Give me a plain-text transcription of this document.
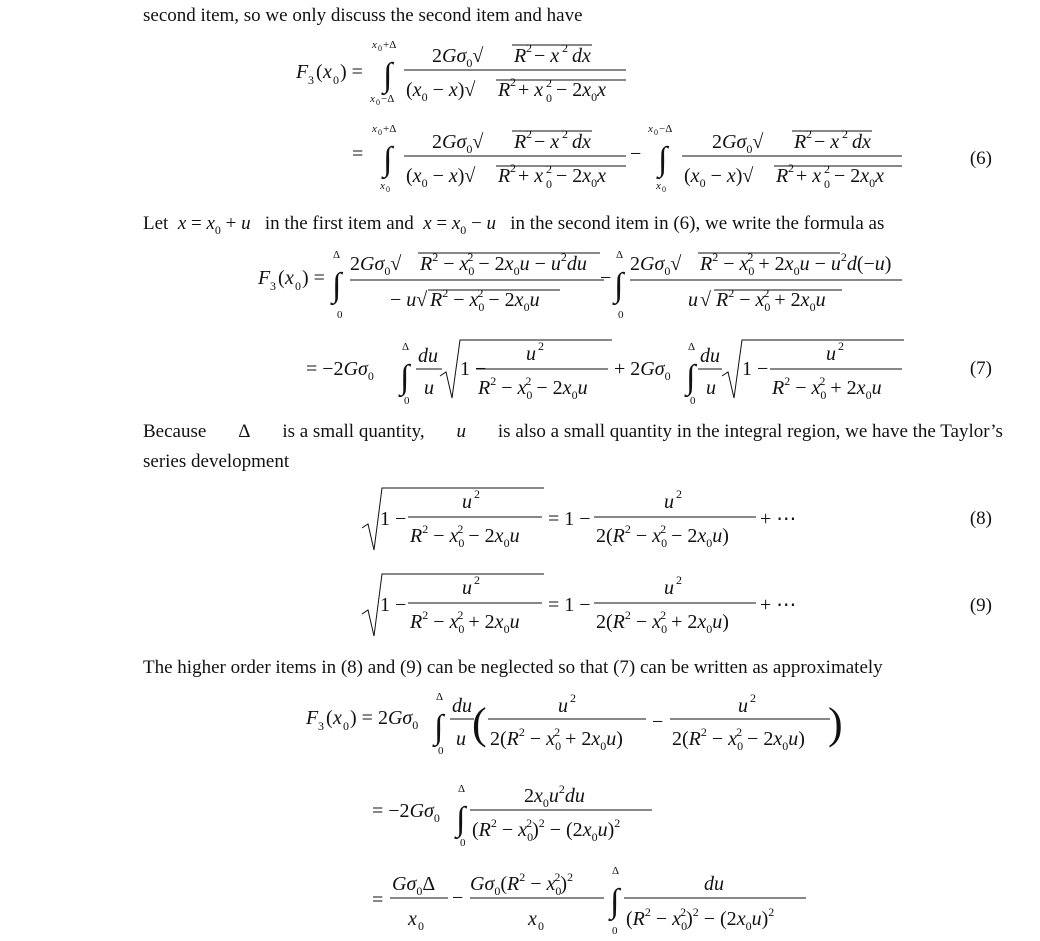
second item, so we only discuss the second item and have
Let  $x = x_0 + u$ in the first item and  $x = x_0 - u$ in the second item in (6), we write the formula as
Because Δ is a small quantity, u is also a small quantity in the integral region, we have the Taylor’s
series development
The higher order items in (8) and (9) can be neglected so that (7) can be written as approximately
(6)
(7)
(8)
(9)
F 3 ( x 0 ) =
x 0 +Δ
∫
x 0 −Δ
$2G\sigma_0√$ R 2 − x 2 dx
$(x_0 - x)√$ R 2 + x 0
$2 - 2x_0x$
=
x 0 +Δ
∫
x 0
$2G\sigma_0√$ R 2 − x 2 dx
$(x_0 - x)√$ R 2 + x 0
$2 - 2x_0x$
−
x 0 −Δ
∫
x 0
$2G\sigma_0√$ R 2 − x 2 dx
$(x_0 - x)√$ R 2 + x 0
$2 - 2x_0x$
F 3 ( x 0 ) =
Δ
∫
0
$2G\sigma_0√$ $R^2 - x_02 - 2x_0u - u^2du$
− u√ $R^2 - x_02 - 2x_0u$
−
Δ
∫
0
$2G\sigma_0√$ $R^2 - x_02 + 2x_0u - u^2d(-u)$
u √ $R^2 - x_02 + 2x_0u$
= $-2G\sigma_0$
Δ
∫
0
du
u
1 −
u 2
$R^2 - x_02 - 2x_0u$
+ $2G\sigma_0$
Δ
∫
0
du
u
1 −
u 2
$R^2 - x_02 + 2x_0u$
1 −
u 2
$R^2 - x_02 - 2x_0u$
= 1 −
u 2
$2(R^2 - x_02 - 2x_0u)$
+ ⋯
1 −
u 2
$R^2 - x_02 + 2x_0u$
= 1 −
u 2
$2(R^2 - x_02 + 2x_0u)$
+ ⋯
F 3 ( x 0 ) = $2G\sigma_0$
Δ
∫
0
du
u (	u 2
$2(R^2 - x_02 + 2x_0u)$
−
u 2
$2(R^2 - x_02 - 2x_0u)$ )
= $-2G\sigma_0$
Δ
∫
0
$2x_0u^2du$
$(R^2 - x_02)^2 - (2x_0u)^2$
=
$G\sigma_0\Delta$
x 0
−
$G\sigma_0(R^2 - x_02)^2$
x 0
Δ
∫
0
du
$(R^2 - x_02)^2 - (2x_0u)^2$
